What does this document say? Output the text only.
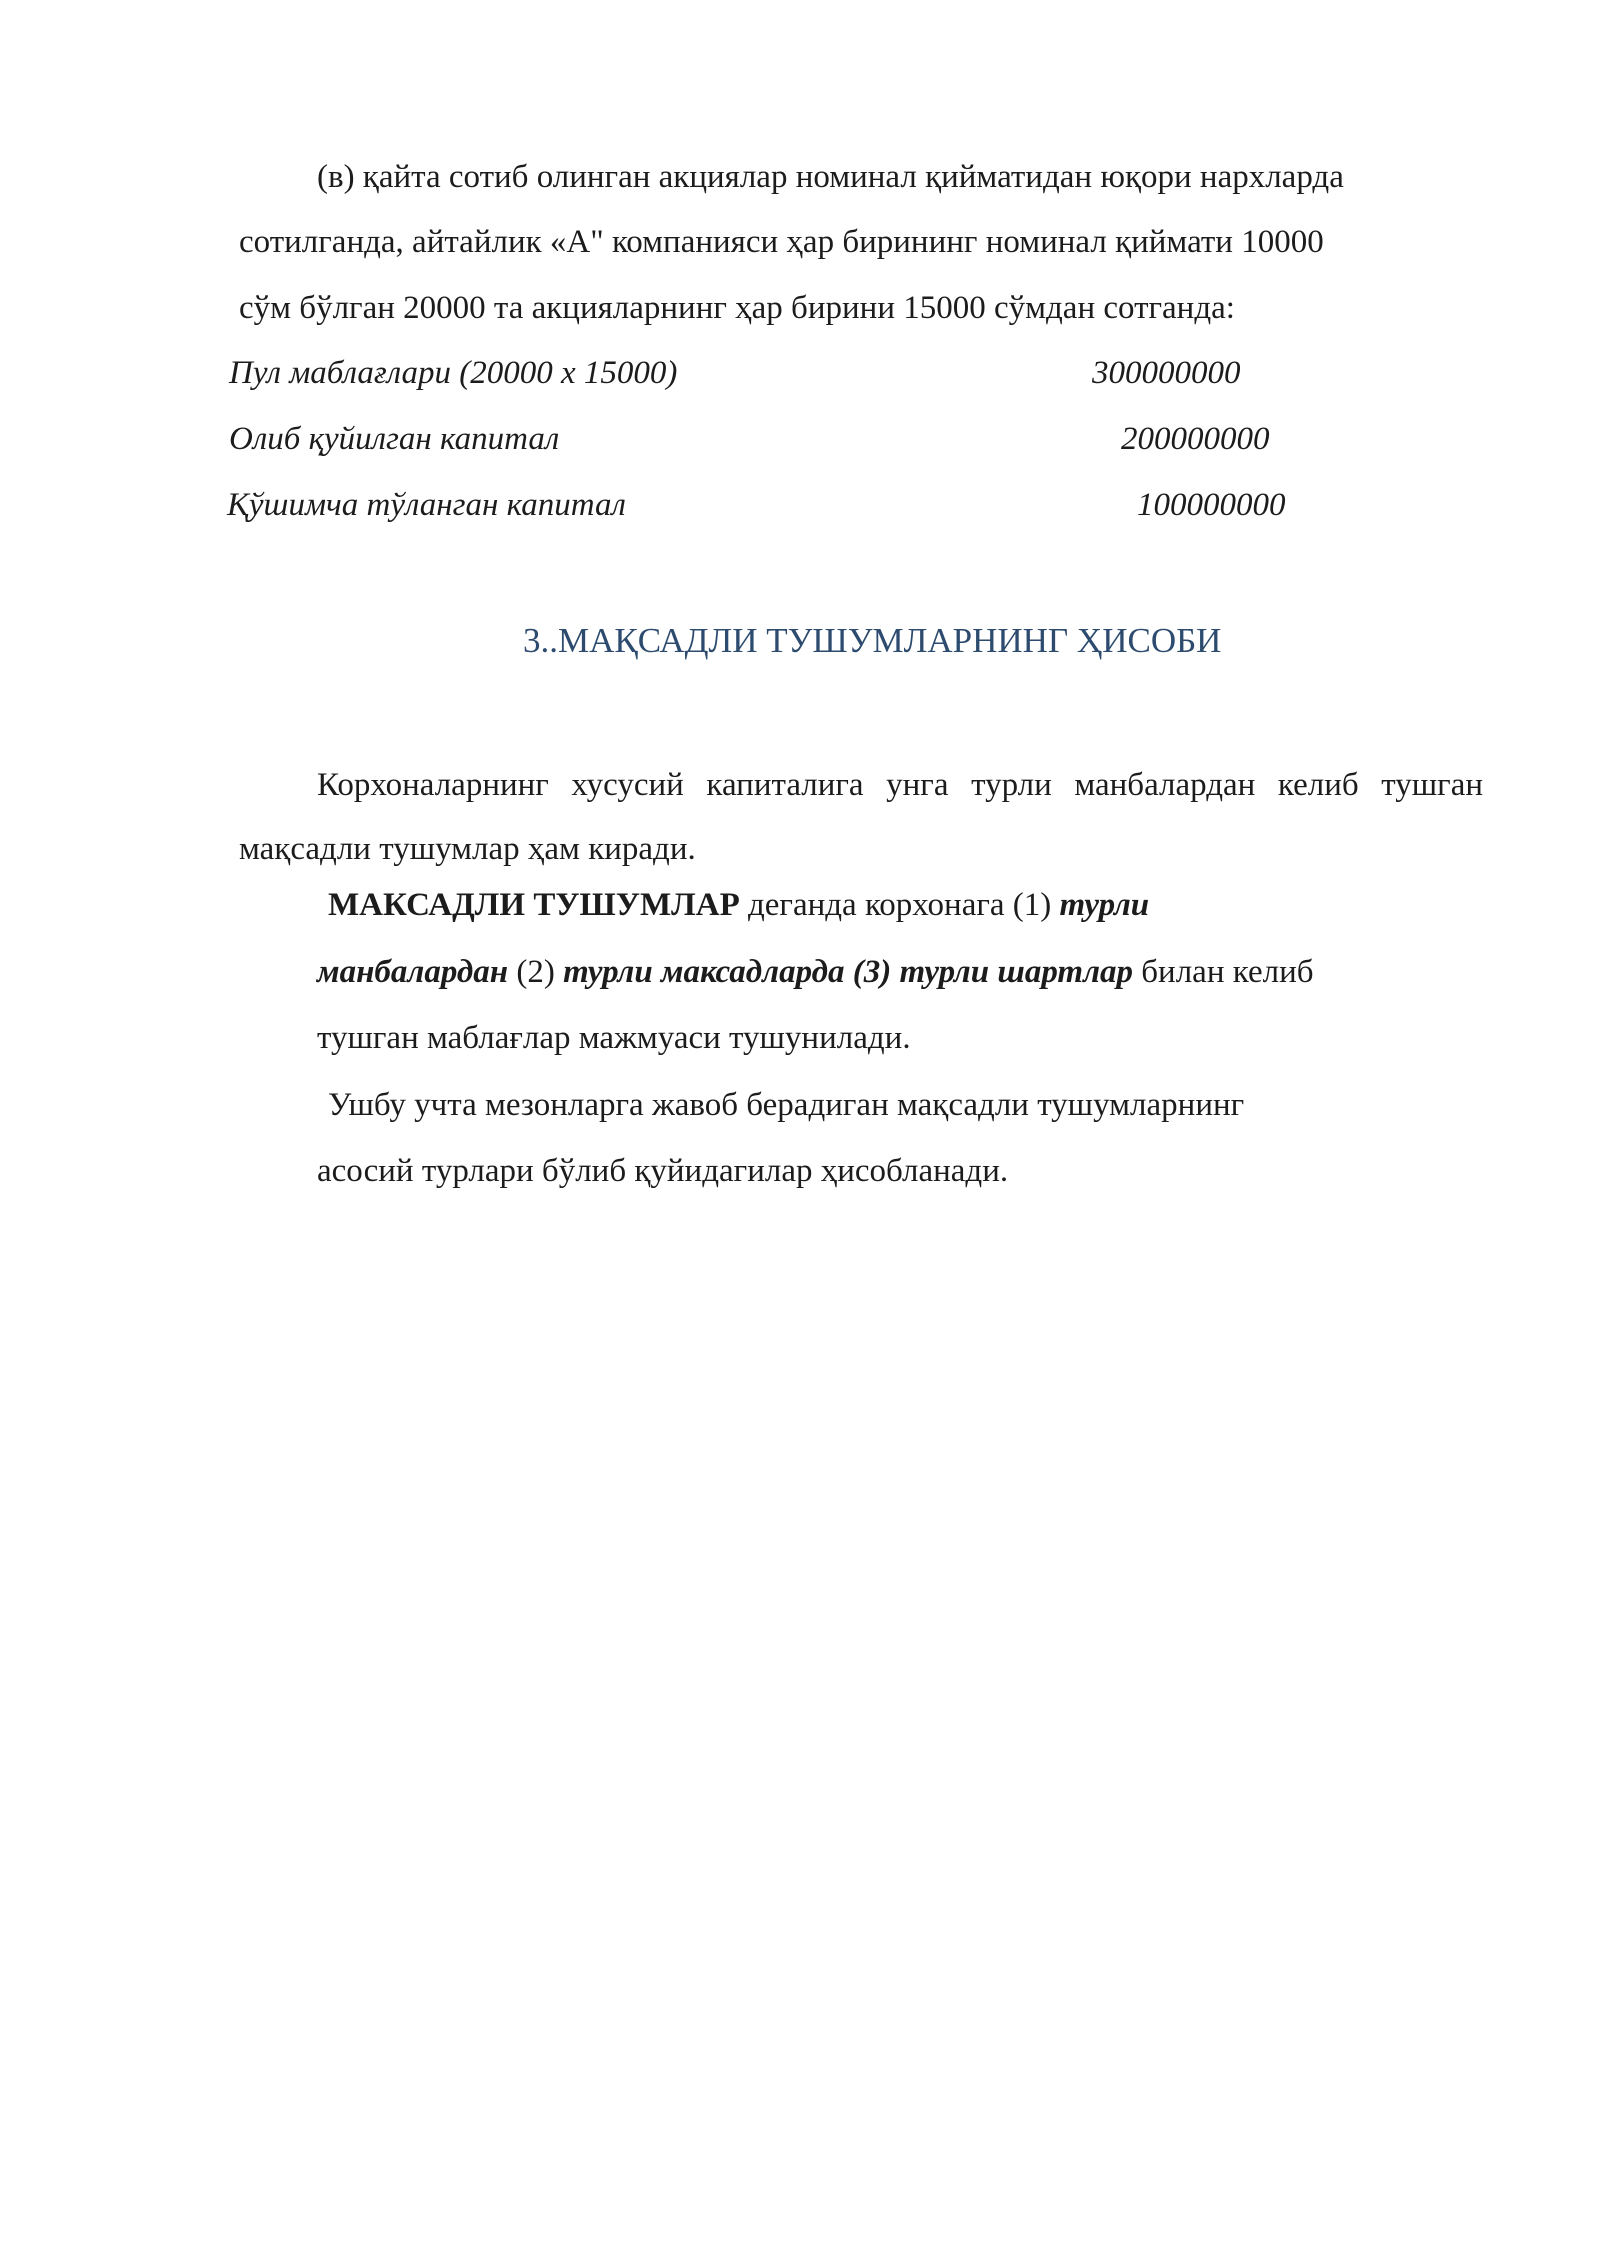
(в) қайта сотиб олинган акциялар номинал қийматидан юқори нархларда
сотилганда, айтайлик «А" компанияси ҳар бирининг номинал қиймати 10000
сўм бўлган 20000 та акцияларнинг ҳар бирини 15000 сўмдан сотганда:
Пул маблағлари (20000 х 15000)	300000000
Олиб қуйилган капитал	200000000
Қўшимча тўланган капитал	100000000
3..МАҚСАДЛИ ТУШУМЛАРНИНГ ҲИСОБИ

Корхоналарнинг хусусий капиталига унга турли манбалардан келиб тушган мақсадли тушумлар ҳам киради.

МАКСАДЛИ ТУШУМЛАР деганда корхонага (1) турли
манбалардан (2) турли максадларда (3) турли шартлар билан келиб
тушган маблағлар мажмуаси тушунилади.
Ушбу учта мезонларга жавоб берадиган мақсадли тушумларнинг
асосий турлари бўлиб қуйидагилар ҳисобланади.
